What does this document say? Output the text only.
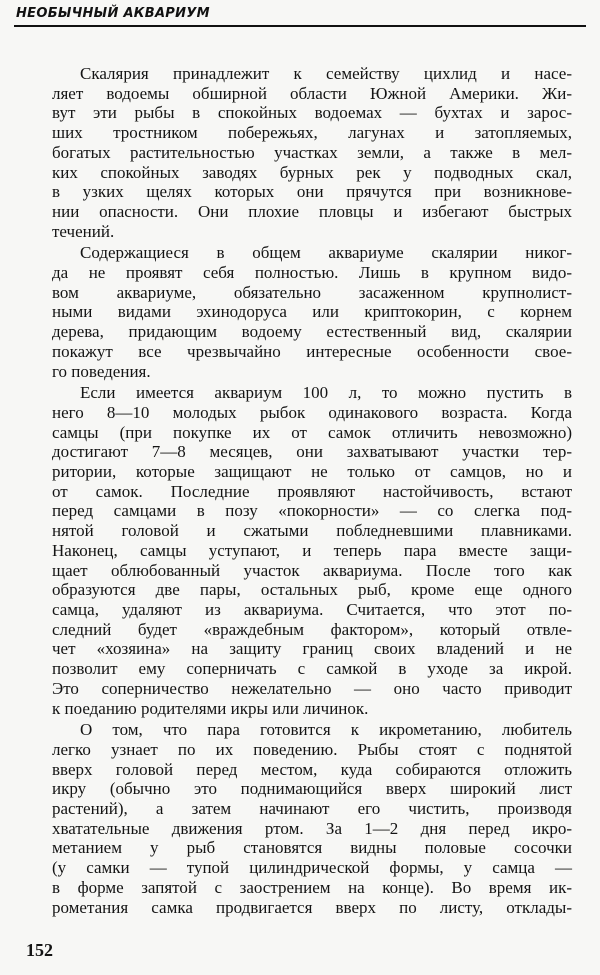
НЕОБЫЧНЫЙ АКВАРИУМ
Скалярия принадлежит к семейству цихлид и насе-
ляет водоемы обширной области Южной Америки. Жи-
вут эти рыбы в спокойных водоемах — бухтах и зарос-
ших тростником побережьях, лагунах и затопляемых,
богатых растительностью участках земли, а также в мел-
ких спокойных заводях бурных рек у подводных скал,
в узких щелях которых они прячутся при возникнове-
нии опасности. Они плохие пловцы и избегают быстрых
течений.
Содержащиеся в общем аквариуме скалярии никог-
да не проявят себя полностью. Лишь в крупном видо-
вом аквариуме, обязательно засаженном крупнолист-
ными видами эхинодоруса или криптокорин, с корнем
дерева, придающим водоему естественный вид, скалярии
покажут все чрезвычайно интересные особенности свое-
го поведения.
Если имеется аквариум 100 л, то можно пустить в
него 8—10 молодых рыбок одинакового возраста. Когда
самцы (при покупке их от самок отличить невозможно)
достигают 7—8 месяцев, они захватывают участки тер-
ритории, которые защищают не только от самцов, но и
от самок. Последние проявляют настойчивость, встают
перед самцами в позу «покорности» — со слегка под-
нятой головой и сжатыми побледневшими плавниками.
Наконец, самцы уступают, и теперь пара вместе защи-
щает облюбованный участок аквариума. После того как
образуются две пары, остальных рыб, кроме еще одного
самца, удаляют из аквариума. Считается, что этот по-
следний будет «враждебным фактором», который отвле-
чет «хозяина» на защиту границ своих владений и не
позволит ему соперничать с самкой в уходе за икрой.
Это соперничество нежелательно — оно часто приводит
к поеданию родителями икры или личинок.
О том, что пара готовится к икрометанию, любитель
легко узнает по их поведению. Рыбы стоят с поднятой
вверх головой перед местом, куда собираются отложить
икру (обычно это поднимающийся вверх широкий лист
растений), а затем начинают его чистить, производя
хватательные движения ртом. За 1—2 дня перед икро-
метанием у рыб становятся видны половые сосочки
(у самки — тупой цилиндрической формы, у самца —
в форме запятой с заострением на конце). Во время ик-
рометания самка продвигается вверх по листу, отклады-
152
